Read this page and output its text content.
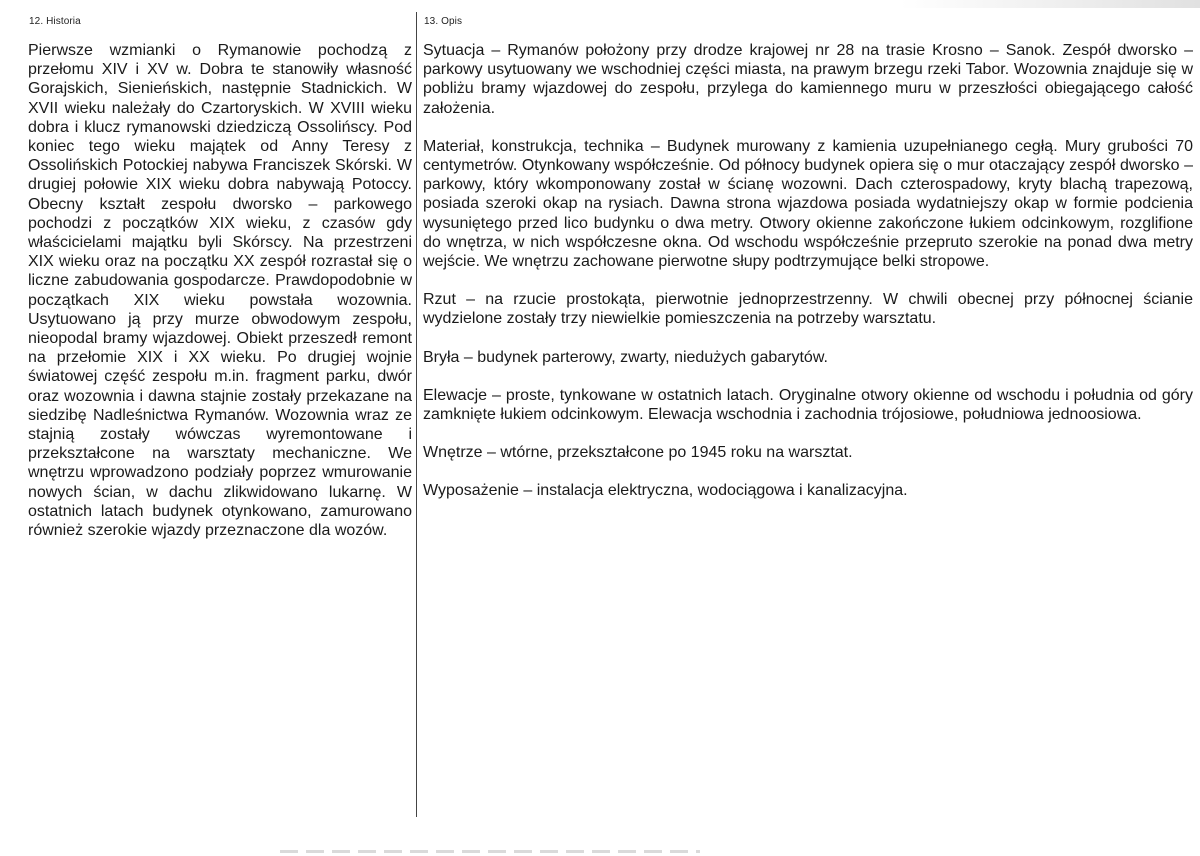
12. Historia	13. Opis

Pierwsze wzmianki o Rymanowie pochodzą z przełomu XIV i XV w. Dobra te stanowiły własność Gorajskich, Sienieńskich, następnie Stadnickich. W XVII wieku należały do Czartoryskich. W XVIII wieku dobra i klucz rymanowski dziedziczą Ossolińscy. Pod koniec tego wieku majątek od Anny Teresy z Ossolińskich Potockiej nabywa Franciszek Skórski. W drugiej połowie XIX wieku dobra nabywają Potoccy. Obecny kształt zespołu dworsko – parkowego pochodzi z początków XIX wieku, z czasów gdy właścicielami majątku byli Skórscy. Na przestrzeni XIX wieku oraz na początku XX zespół rozrastał się o liczne zabudowania gospodarcze. Prawdopodobnie w początkach XIX wieku powstała wozownia. Usytuowano ją przy murze obwodowym zespołu, nieopodal bramy wjazdowej. Obiekt przeszedł remont na przełomie XIX i XX wieku. Po drugiej wojnie światowej część zespołu m.in. fragment parku, dwór oraz wozownia i dawna stajnie zostały przekazane na siedzibę Nadleśnictwa Rymanów. Wozownia wraz ze stajnią zostały wówczas wyremontowane i przekształcone na warsztaty mechaniczne. We wnętrzu wprowadzono podziały poprzez wmurowanie nowych ścian, w dachu zlikwidowano lukarnę. W ostatnich latach budynek otynkowano, zamurowano również szerokie wjazdy przeznaczone dla wozów.

Sytuacja – Rymanów położony przy drodze krajowej nr 28 na trasie Krosno – Sanok. Zespół dworsko – parkowy usytuowany we wschodniej części miasta, na prawym brzegu rzeki Tabor. Wozownia znajduje się w pobliżu bramy wjazdowej do zespołu, przylega do kamiennego muru w przeszłości obiegającego całość założenia.

Materiał, konstrukcja, technika – Budynek murowany z kamienia uzupełnianego cegłą. Mury grubości 70 centymetrów. Otynkowany współcześnie. Od północy budynek opiera się o mur otaczający zespół dworsko – parkowy, który wkomponowany został w ścianę wozowni. Dach czterospadowy, kryty blachą trapezową, posiada szeroki okap na rysiach. Dawna strona wjazdowa posiada wydatniejszy okap w formie podcienia wysuniętego przed lico budynku o dwa metry. Otwory okienne zakończone łukiem odcinkowym, rozglifione do wnętrza, w nich współczesne okna. Od wschodu współcześnie przepruto szerokie na ponad dwa metry wejście. We wnętrzu zachowane pierwotne słupy podtrzymujące belki stropowe.

Rzut – na rzucie prostokąta, pierwotnie jednoprzestrzenny. W chwili obecnej przy północnej ścianie wydzielone zostały trzy niewielkie pomieszczenia na potrzeby warsztatu.

Bryła – budynek parterowy, zwarty, niedużych gabarytów.

Elewacje – proste, tynkowane w ostatnich latach. Oryginalne otwory okienne od wschodu i południa od góry zamknięte łukiem odcinkowym. Elewacja wschodnia i zachodnia trójosiowe, południowa jednoosiowa.

Wnętrze – wtórne, przekształcone po 1945 roku na warsztat.

Wyposażenie – instalacja elektryczna, wodociągowa i kanalizacyjna.
